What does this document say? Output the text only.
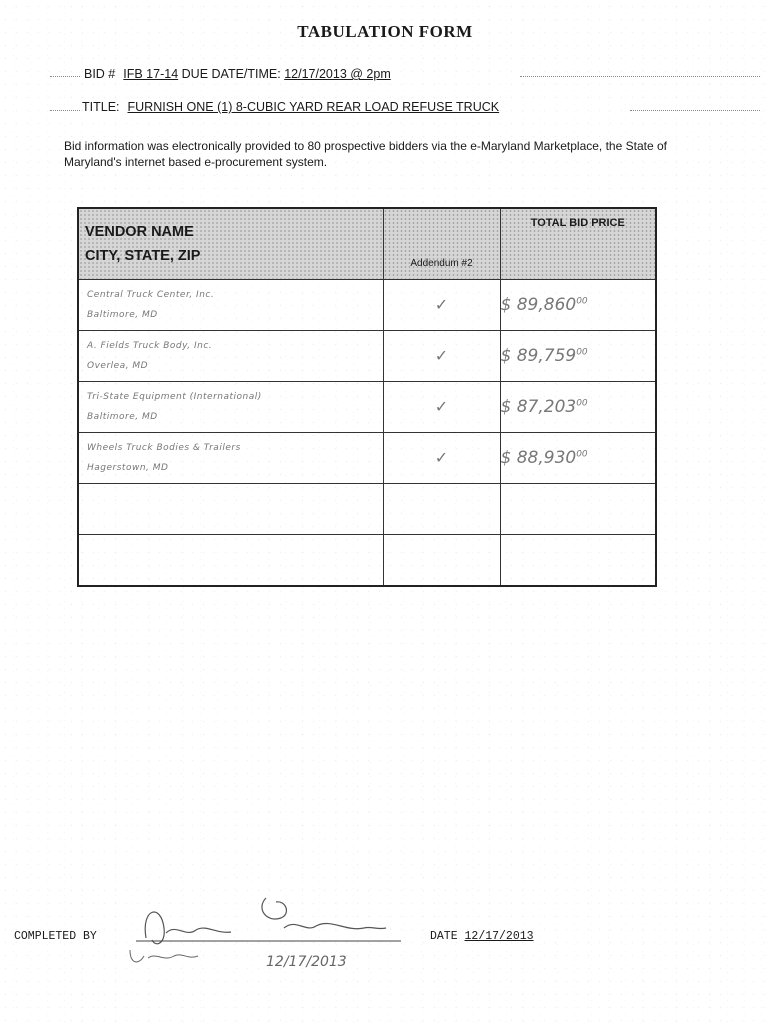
TABULATION FORM
BID # IFB 17-14 DUE DATE/TIME: 12/17/2013 @ 2pm
TITLE: FURNISH ONE (1) 8-CUBIC YARD REAR LOAD REFUSE TRUCK
Bid information was electronically provided to 80 prospective bidders via the e-Maryland Marketplace, the State of Maryland's internet based e-procurement system.
VENDOR NAME
CITY, STATE, ZIP	Addendum #2	TOTAL BID PRICE

Central Truck Center, Inc.
Baltimore, MD	✓	$ 89,860$^{00}$

A. Fields Truck Body, Inc.
Overlea, MD	✓	$ 89,759$^{00}$

Tri-State Equipment (International)
Baltimore, MD	✓	$ 87,203$^{00}$

Wheels Truck Bodies & Trailers
Hagerstown, MD	✓	$ 88,930$^{00}$

COMPLETED BY
12/17/2013
DATE 12/17/2013
